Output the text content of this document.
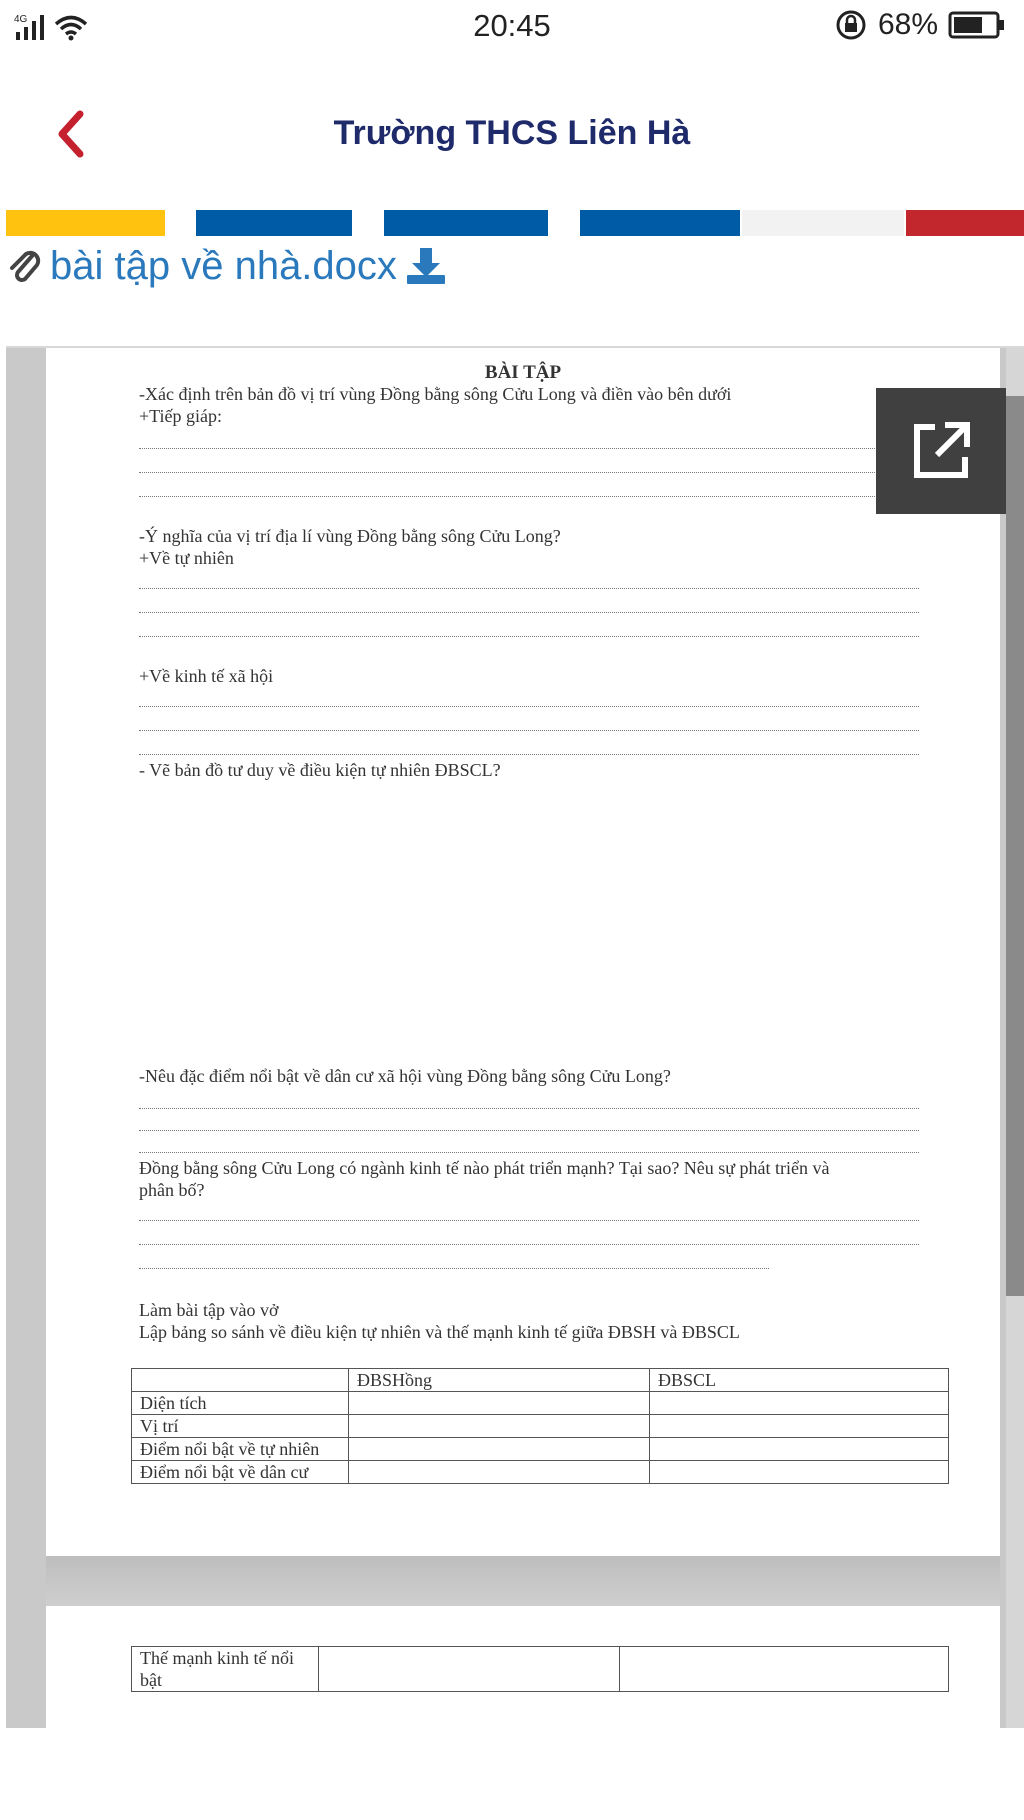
4G	20:45	68%
Trường THCS Liên Hà
bài tập về nhà.docx
BÀI TẬP
-Xác định trên bản đồ vị trí vùng Đồng bằng sông Cửu Long và điền vào bên dưới
+Tiếp giáp:
-Ý nghĩa của vị trí địa lí vùng Đồng bằng sông Cửu Long?
+Về tự nhiên
+Về kinh tế xã hội
- Vẽ bản đồ tư duy về điều kiện tự nhiên ĐBSCL?
-Nêu đặc điểm nổi bật về dân cư xã hội vùng Đồng bằng sông Cửu Long?
Đồng bằng sông Cửu Long có ngành kinh tế nào phát triển mạnh? Tại sao? Nêu sự phát triển và
phân bố?
Làm bài tập vào vở
Lập bảng so sánh về điều kiện tự nhiên và thế mạnh kinh tế giữa ĐBSH và ĐBSCL
	ĐBSHồng	ĐBSCL
Diện tích		
Vị trí		
Điểm nổi bật về tự nhiên		
Điểm nổi bật về dân cư		
Thế mạnh kinh tế nổi bật		
